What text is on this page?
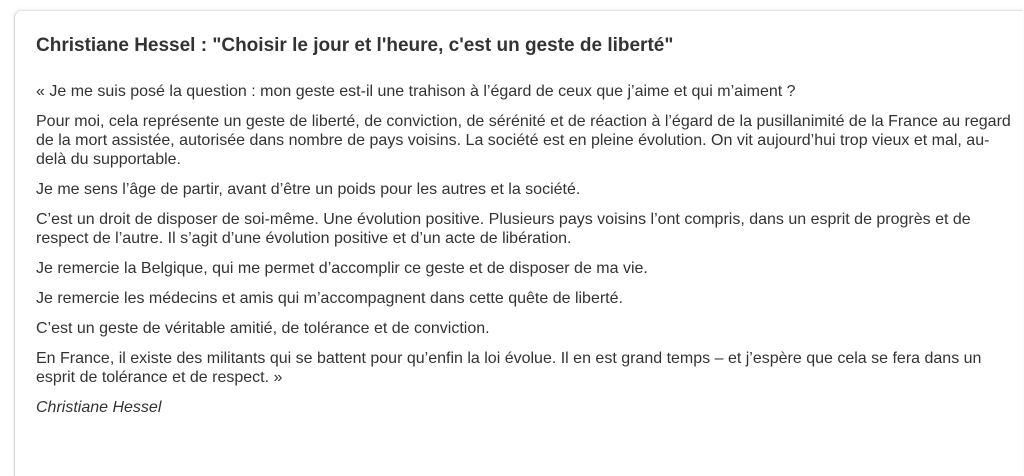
Christiane Hessel : "Choisir le jour et l'heure, c'est un geste de liberté"

« Je me suis posé la question : mon geste est-il une trahison à l’égard de ceux que j’aime et qui m’aiment ?

Pour moi, cela représente un geste de liberté, de conviction, de sérénité et de réaction à l’égard de la pusillanimité de la France au regard de la mort assistée, autorisée dans nombre de pays voisins. La société est en pleine évolution. On vit aujourd’hui trop vieux et mal, au-delà du supportable.

Je me sens l’âge de partir, avant d’être un poids pour les autres et la société.

C’est un droit de disposer de soi-même. Une évolution positive. Plusieurs pays voisins l’ont compris, dans un esprit de progrès et de respect de l’autre. Il s’agit d’une évolution positive et d’un acte de libération.

Je remercie la Belgique, qui me permet d’accomplir ce geste et de disposer de ma vie.

Je remercie les médecins et amis qui m’accompagnent dans cette quête de liberté.

C’est un geste de véritable amitié, de tolérance et de conviction.

En France, il existe des militants qui se battent pour qu’enfin la loi évolue. Il en est grand temps – et j’espère que cela se fera dans un esprit de tolérance et de respect. »

Christiane Hessel
